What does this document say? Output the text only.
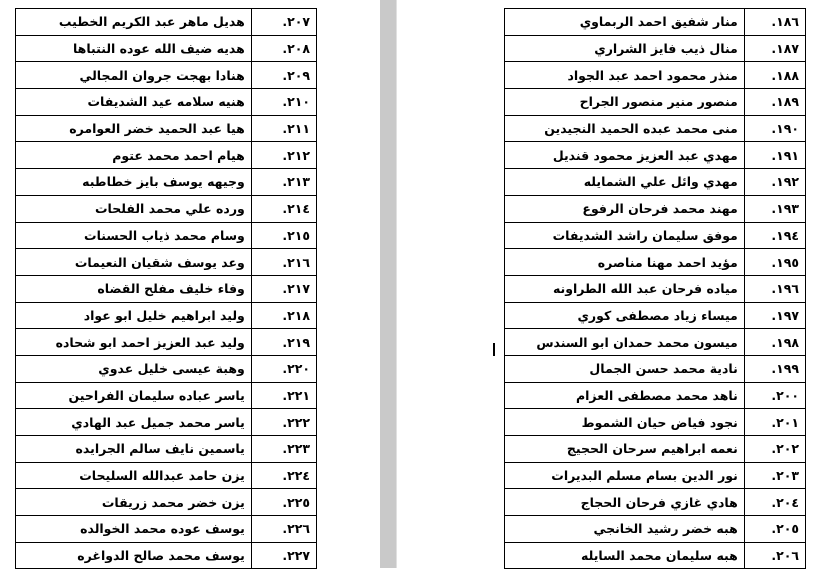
٢٠٧.	هديل ماهر عبد الكريم الخطيب
٢٠٨.	هديه ضيف الله عوده النتباها
٢٠٩.	هنادا بهجت جروان المجالي
٢١٠.	هنيه سلامه عيد الشديفات
٢١١.	هيا عبد الحميد خضر العوامره
٢١٢.	هيام احمد محمد عتوم
٢١٣.	وجيهه يوسف بايز خطاطبه
٢١٤.	ورده علي محمد الفلحات
٢١٥.	وسام محمد ذياب الحسنات
٢١٦.	وعد يوسف شقيان النعيمات
٢١٧.	وفاء خليف مفلح القضاه
٢١٨.	وليد ابراهيم خليل ابو عواد
٢١٩.	وليد عبد العزيز احمد ابو شحاده
٢٢٠.	وهبة عيسى خليل عدوي
٢٢١.	ياسر عباده سليمان الفراحين
٢٢٢.	ياسر محمد جميل عبد الهادي
٢٢٣.	ياسمين نايف سالم الجرايده
٢٢٤.	يزن حامد عبدالله السليحات
٢٢٥.	يزن خضر محمد زريقات
٢٢٦.	يوسف عوده محمد الخوالده
٢٢٧.	يوسف محمد صالح الدواغره
١٨٦.	منار شفيق احمد الربماوي
١٨٧.	منال ذيب فايز الشراري
١٨٨.	منذر محمود احمد عبد الجواد
١٨٩.	منصور منير منصور الجراح
١٩٠.	منى محمد عبده الحميد النجيدين
١٩١.	مهدي عبد العزيز محمود قنديل
١٩٢.	مهدي وائل علي الشمايله
١٩٣.	مهند محمد فرحان الرفوع
١٩٤.	موفق سليمان راشد الشديفات
١٩٥.	مؤيد احمد مهنا مناصره
١٩٦.	مياده فرحان عبد الله الطراونه
١٩٧.	ميساء زياد مصطفى كوري
١٩٨.	ميسون محمد حمدان ابو السندس
١٩٩.	نادية محمد حسن الجمال
٢٠٠.	ناهد محمد مصطفى العزام
٢٠١.	نجود فياض حيان الشموط
٢٠٢.	نعمه ابراهيم سرحان الحجيج
٢٠٣.	نور الدين بسام مسلم البديرات
٢٠٤.	هادي غازي فرحان الحجاج
٢٠٥.	هبه خضر رشيد الخانجي
٢٠٦.	هبه سليمان محمد السايله
